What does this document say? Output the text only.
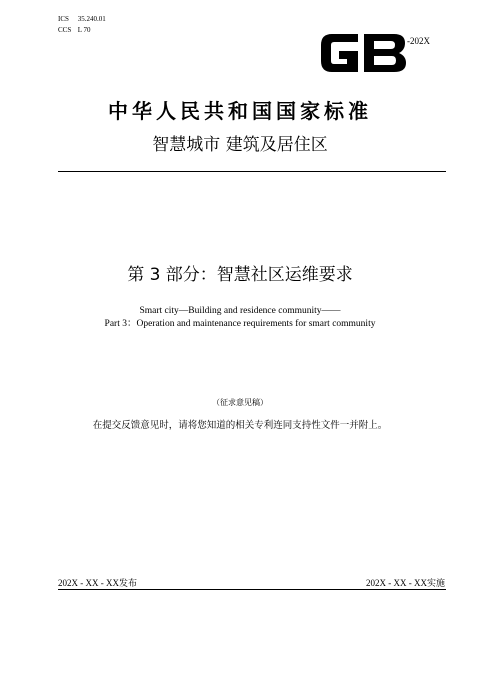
ICS 35.240.01
CCS L 70	GB
-202X
中华人民共和国国家标准
智慧城市 建筑及居住区
第 3 部分：智慧社区运维要求
Smart city—Building and residence community——
Part 3：Operation and maintenance requirements for smart community
（征求意见稿）
在提交反馈意见时，请将您知道的相关专利连同支持性文件一并附上。
202X - XX - XX发布	202X - XX - XX实施
